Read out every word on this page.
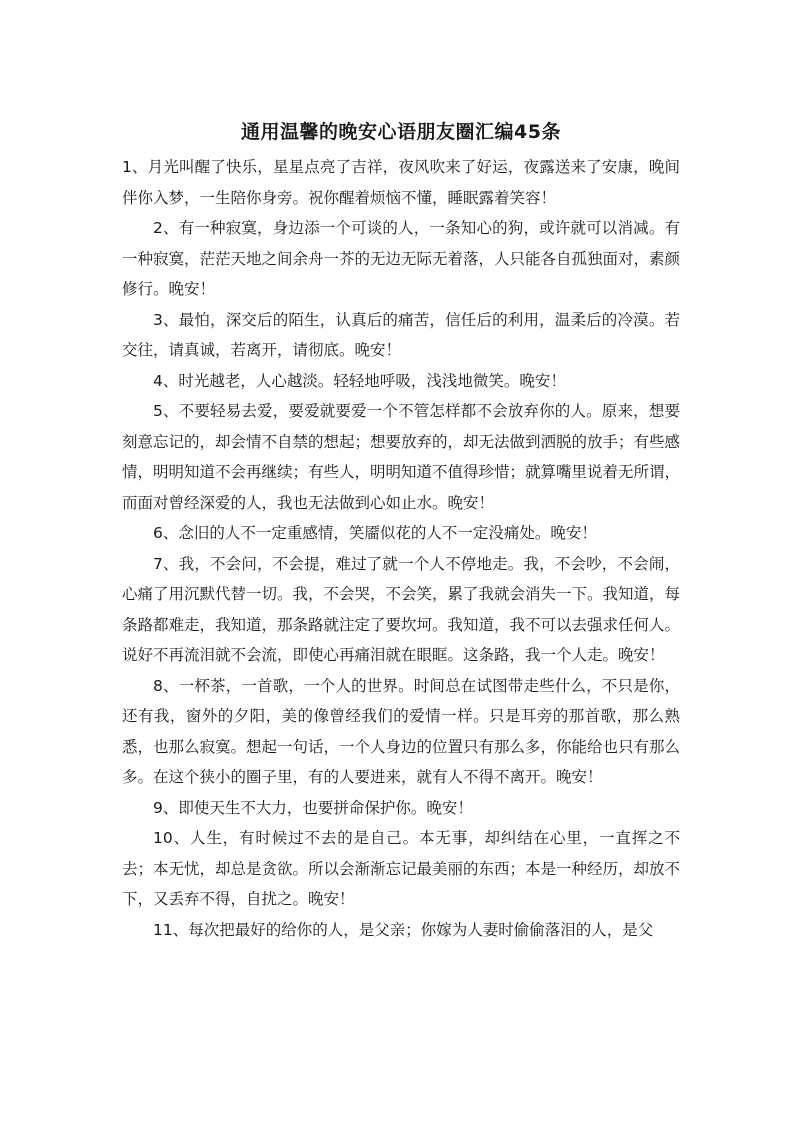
通用温馨的晚安心语朋友圈汇编45条

1、月光叫醒了快乐，星星点亮了吉祥，夜风吹来了好运，夜露送来了安康，晚间伴你入梦，一生陪你身旁。祝你醒着烦恼不懂，睡眠露着笑容！

2、有一种寂寞，身边添一个可谈的人，一条知心的狗，或许就可以消减。有一种寂寞，茫茫天地之间余舟一芥的无边无际无着落，人只能各自孤独面对，素颜修行。晚安！

3、最怕，深交后的陌生，认真后的痛苦，信任后的利用，温柔后的冷漠。若交往，请真诚，若离开，请彻底。晚安！

4、时光越老，人心越淡。轻轻地呼吸，浅浅地微笑。晚安！

5、不要轻易去爱，要爱就要爱一个不管怎样都不会放弃你的人。原来，想要刻意忘记的，却会情不自禁的想起；想要放弃的，却无法做到洒脱的放手；有些感情，明明知道不会再继续；有些人，明明知道不值得珍惜；就算嘴里说着无所谓，而面对曾经深爱的人，我也无法做到心如止水。晚安！

6、念旧的人不一定重感情，笑靥似花的人不一定没痛处。晚安！

7、我，不会问，不会提，难过了就一个人不停地走。我，不会吵，不会闹，心痛了用沉默代替一切。我，不会哭，不会笑，累了我就会消失一下。我知道，每条路都难走，我知道，那条路就注定了要坎坷。我知道，我不可以去强求任何人。说好不再流泪就不会流，即使心再痛泪就在眼眶。这条路，我一个人走。晚安！

8、一杯茶，一首歌，一个人的世界。时间总在试图带走些什么，不只是你，还有我，窗外的夕阳，美的像曾经我们的爱情一样。只是耳旁的那首歌，那么熟悉，也那么寂寞。想起一句话，一个人身边的位置只有那么多，你能给也只有那么多。在这个狭小的圈子里，有的人要进来，就有人不得不离开。晚安！

9、即使天生不大力，也要拼命保护你。晚安！

10、人生，有时候过不去的是自己。本无事，却纠结在心里，一直挥之不去；本无忧，却总是贪欲。所以会渐渐忘记最美丽的东西；本是一种经历，却放不下，又丢弃不得，自扰之。晚安！

11、每次把最好的给你的人，是父亲；你嫁为人妻时偷偷落泪的人，是父
